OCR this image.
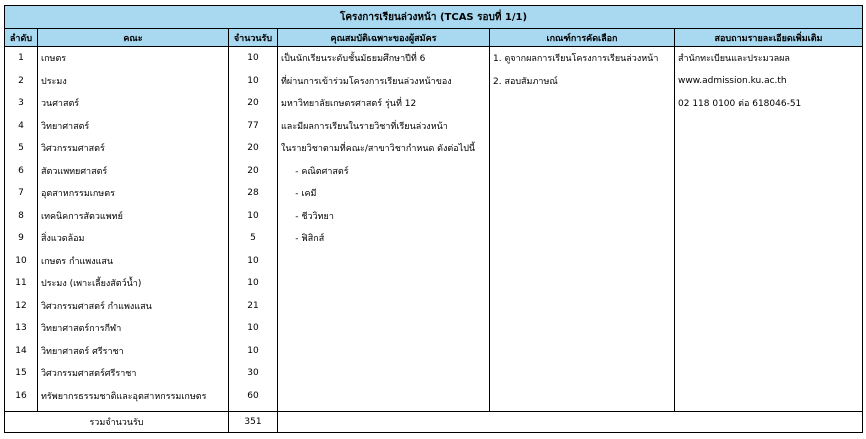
โครงการเรียนล่วงหน้า (TCAS รอบที่ 1/1)					
ลำดับ	คณะ	จำนวนรับ	คุณสมบัติเฉพาะของผู้สมัคร	เกณฑ์การคัดเลือก	สอบถามรายละเอียดเพิ่มเติม
1	เกษตร	10	เป็นนักเรียนระดับชั้นมัธยมศึกษาปีที่ 6	1. ดูจากผลการเรียนโครงการเรียนล่วงหน้า	สำนักทะเบียนและประมวลผล
2	ประมง	10	ที่ผ่านการเข้าร่วมโครงการเรียนล่วงหน้าของ	2. สอบสัมภาษณ์	www.admission.ku.ac.th
3	วนศาสตร์	20	มหาวิทยาลัยเกษตรศาสตร์ รุ่นที่ 12		02 118 0100 ต่อ 618046-51
4	วิทยาศาสตร์	77	และมีผลการเรียนในรายวิชาที่เรียนล่วงหน้า		
5	วิศวกรรมศาสตร์	20	ในรายวิชาตามที่คณะ/สาขาวิชากำหนด ดังต่อไปนี้		
6	สัตวแพทยศาสตร์	20	- คณิตศาสตร์		
7	อุตสาหกรรมเกษตร	28	- เคมี		
8	เทคนิคการสัตวแพทย์	10	- ชีววิทยา		
9	สิ่งแวดล้อม	5	- ฟิสิกส์		
10	เกษตร กำแพงแสน	10			
11	ประมง (เพาะเลี้ยงสัตว์น้ำ)	10			
12	วิศวกรรมศาสตร์ กำแพงแสน	21			
13	วิทยาศาสตร์การกีฬา	10			
14	วิทยาศาสตร์ ศรีราชา	10			
15	วิศวกรรมศาสตร์ศรีราชา	30			
16	ทรัพยากรธรรมชาติและอุตสาหกรรมเกษตร	60			

รวมจำนวนรับ		351			
